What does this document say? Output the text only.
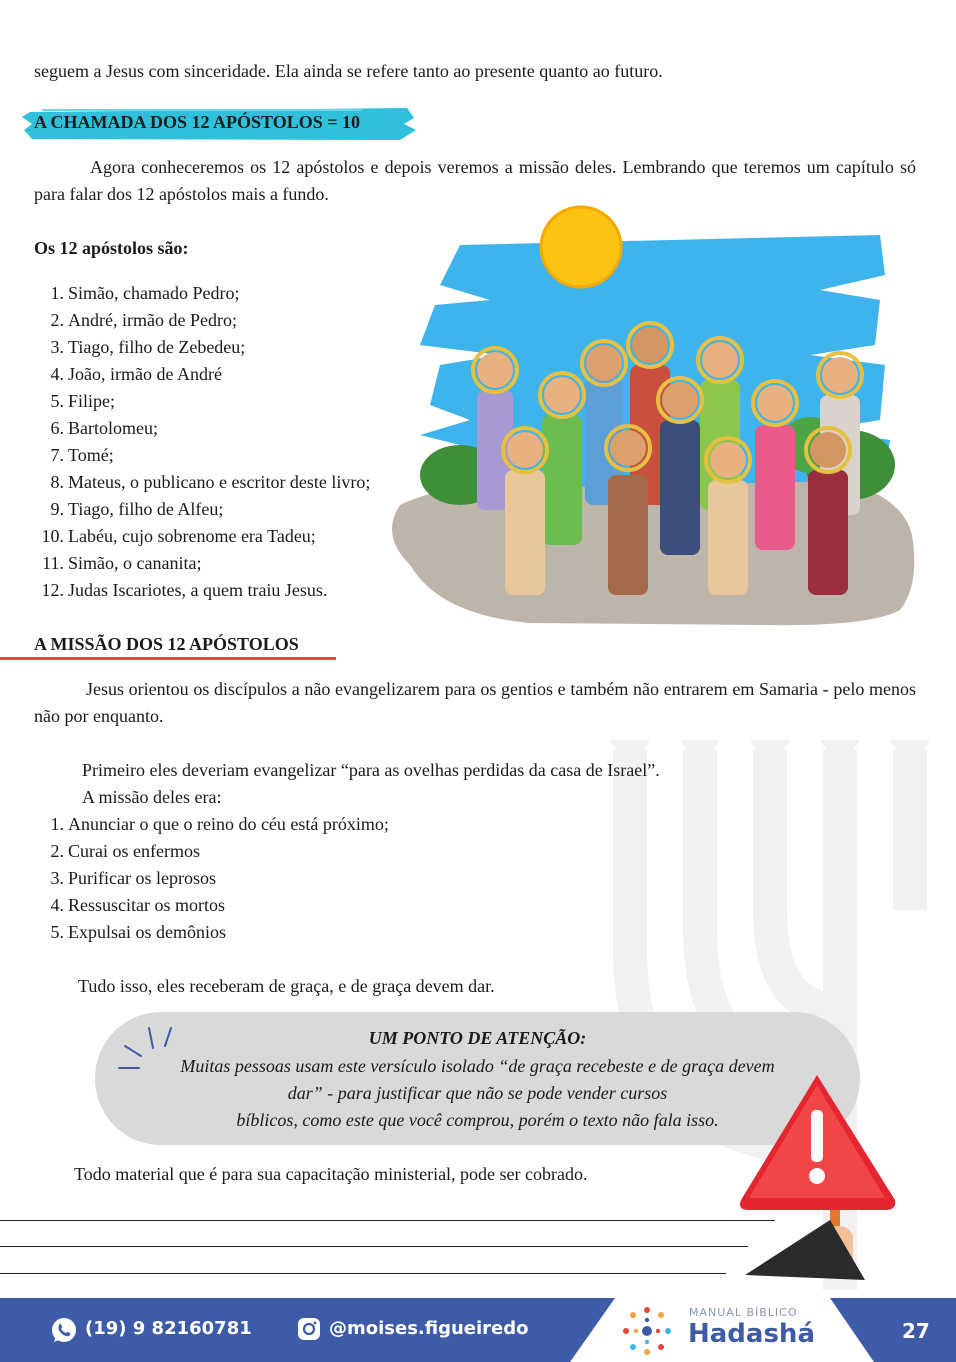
seguem a Jesus com sinceridade. Ela ainda se refere tanto ao presente quanto ao futuro.

A CHAMADA DOS 12 APÓSTOLOS = 10

Agora conheceremos os 12 apóstolos e depois veremos a missão deles. Lembrando que teremos um capítulo só para falar dos 12 apóstolos mais a fundo.

Os 12 apóstolos são:

1. Simão, chamado Pedro;
2. André, irmão de Pedro;
3. Tiago, filho de Zebedeu;
4. João, irmão de André
5. Filipe;
6. Bartolomeu;
7. Tomé;
8. Mateus, o publicano e escritor deste livro;
9. Tiago, filho de Alfeu;
10. Labéu, cujo sobrenome era Tadeu;
11. Simão, o cananita;
12. Judas Iscariotes, a quem traiu Jesus.

A MISSÃO DOS 12 APÓSTOLOS

Jesus orientou os discípulos a não evangelizarem para os gentios e também não entrarem em Samaria - pelo menos não por enquanto.

Primeiro eles deveriam evangelizar “para as ovelhas perdidas da casa de Israel”.

A missão deles era:

1. Anunciar o que o reino do céu está próximo;
2. Curai os enfermos
3. Purificar os leprosos
4. Ressuscitar os mortos
5. Expulsai os demônios

Tudo isso, eles receberam de graça, e de graça devem dar.

UM PONTO DE ATENÇÃO:
Muitas pessoas usam este versículo isolado “de graça recebeste e de graça devem
dar” - para justificar que não se pode vender cursos
bíblicos, como este que você comprou, porém o texto não fala isso.

Todo material que é para sua capacitação ministerial, pode ser cobrado.

(19) 9 82160781	@moises.figueiredo
MANUAL BÍBLICO
Hadashá	27
